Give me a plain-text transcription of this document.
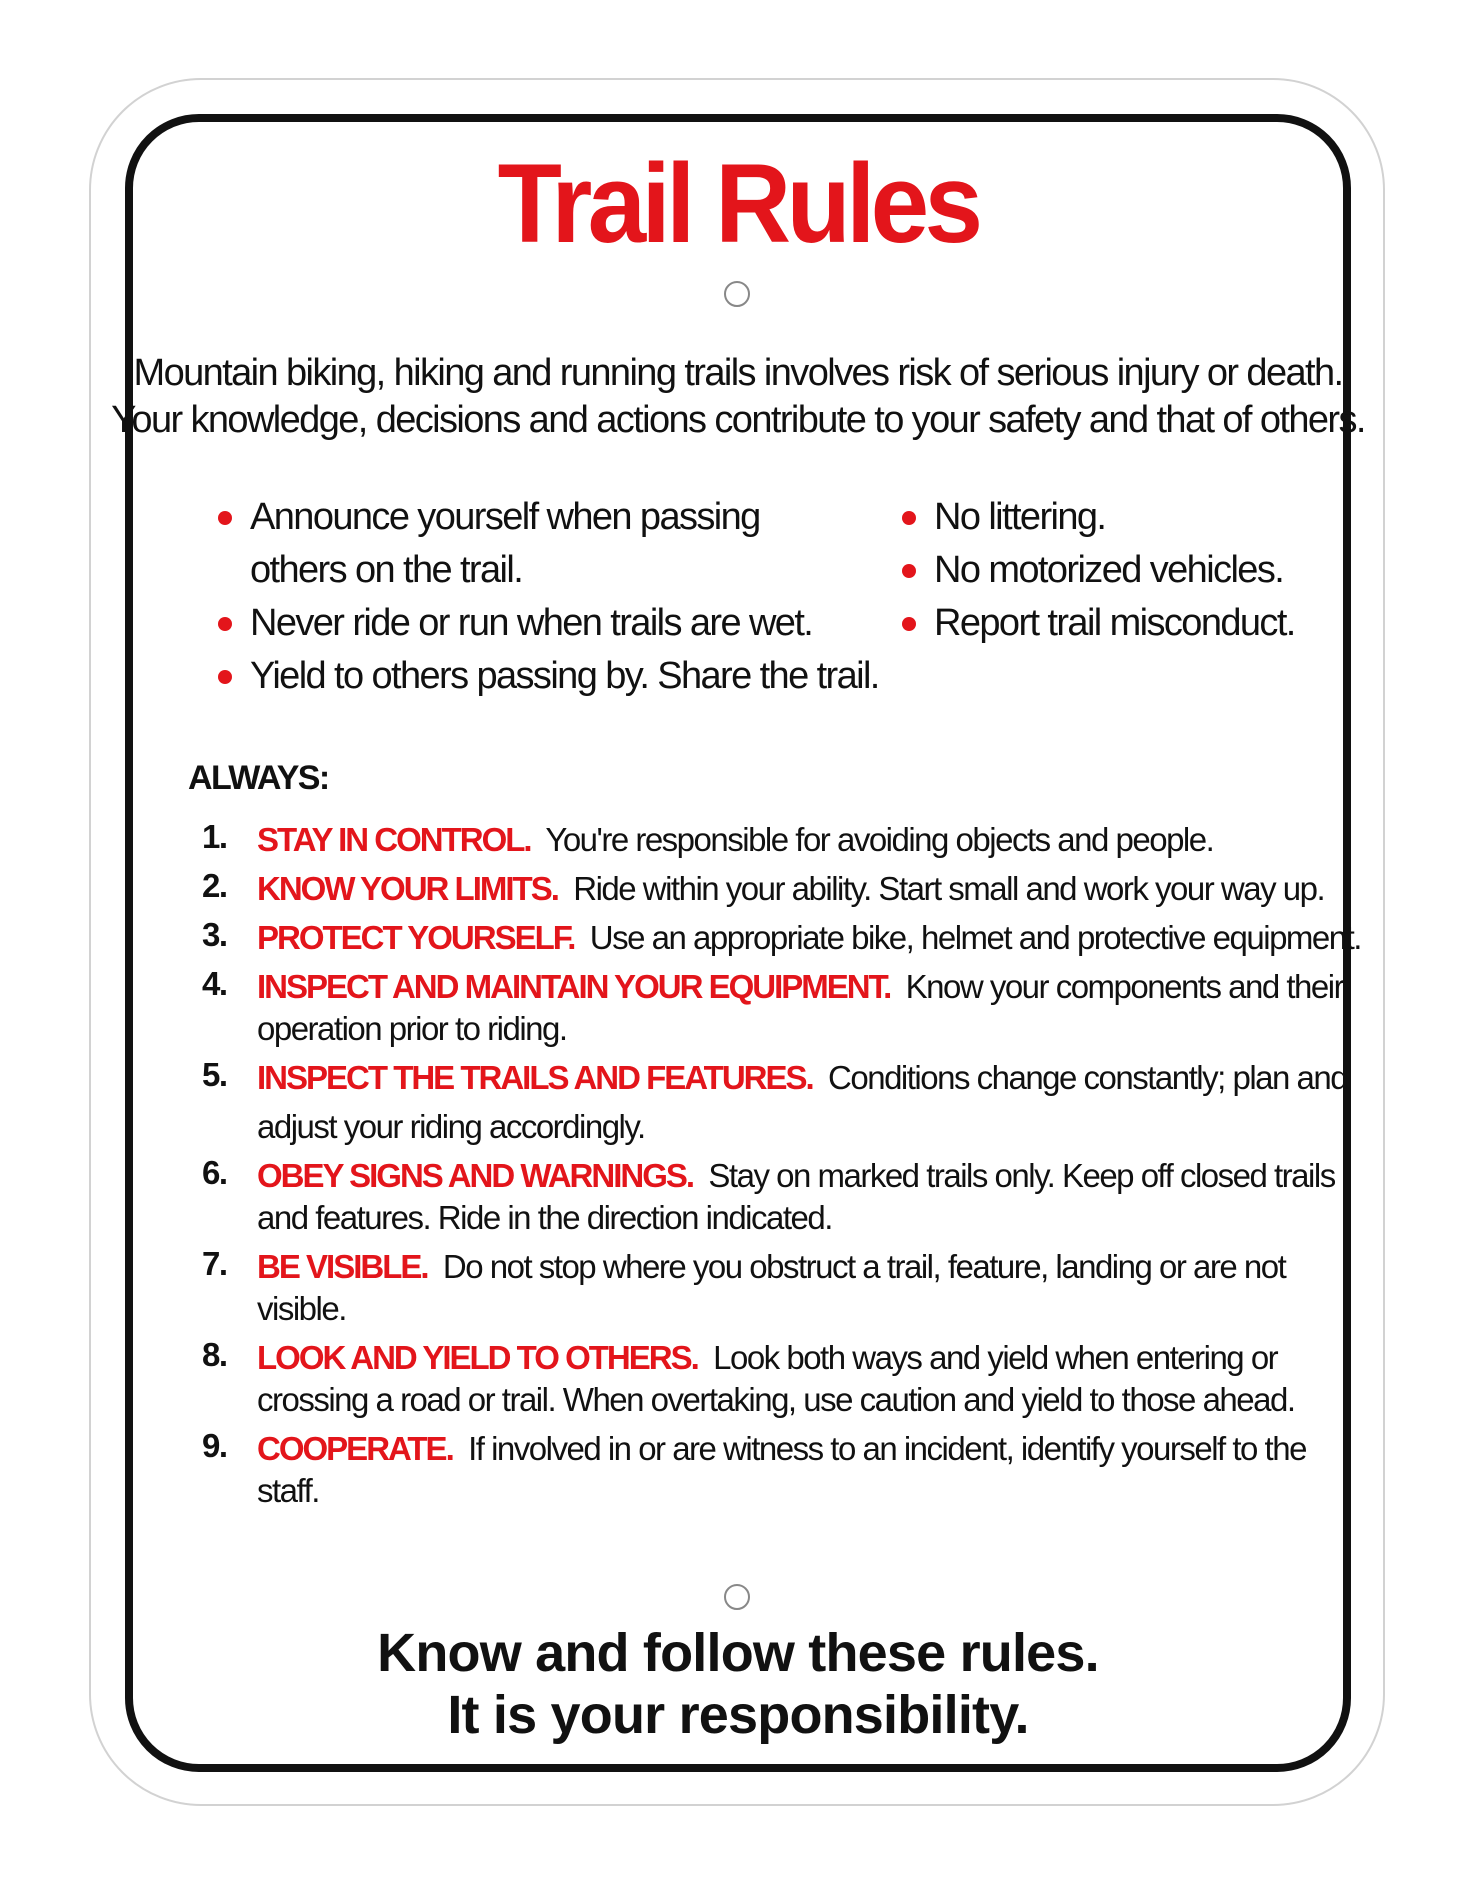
Trail Rules
Mountain biking, hiking and running trails involves risk of serious injury or death.
Your knowledge, decisions and actions contribute to your safety and that of others.
Announce yourself when passing
others on the trail.
Never ride or run when trails are wet.
Yield to others passing by. Share the trail.
No littering.
No motorized vehicles.
Report trail misconduct.
ALWAYS:
1. STAY IN CONTROL. You're responsible for avoiding objects and people.
2. KNOW YOUR LIMITS. Ride within your ability. Start small and work your way up.
3. PROTECT YOURSELF. Use an appropriate bike, helmet and protective equipment.
4. INSPECT AND MAINTAIN YOUR EQUIPMENT. Know your components and their
operation prior to riding.
5. INSPECT THE TRAILS AND FEATURES. Conditions change constantly; plan and
adjust your riding accordingly.
6. OBEY SIGNS AND WARNINGS. Stay on marked trails only. Keep off closed trails
and features. Ride in the direction indicated.
7. BE VISIBLE. Do not stop where you obstruct a trail, feature, landing or are not
visible.
8. LOOK AND YIELD TO OTHERS. Look both ways and yield when entering or
crossing a road or trail. When overtaking, use caution and yield to those ahead.
9. COOPERATE. If involved in or are witness to an incident, identify yourself to the
staff.
Know and follow these rules.
It is your responsibility.
